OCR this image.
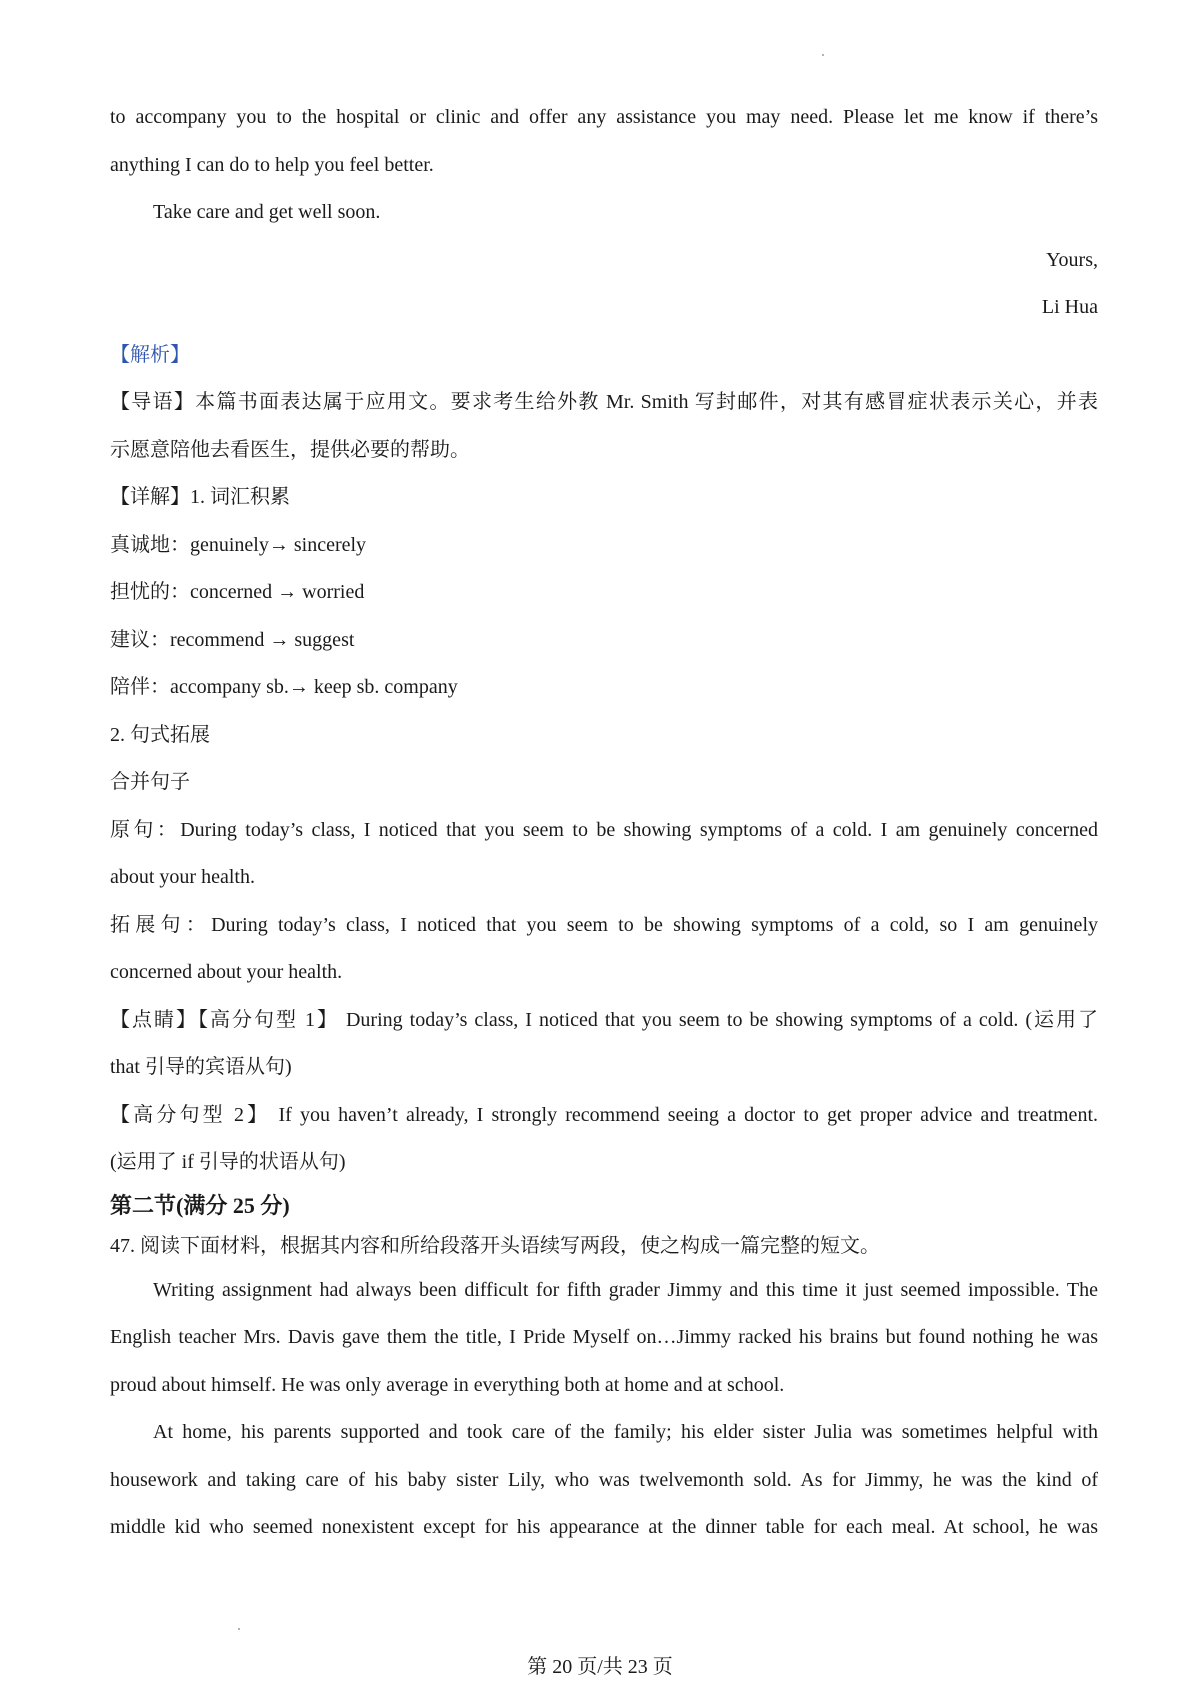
to accompany you to the hospital or clinic and offer any assistance you may need. Please let me know if there’s
anything I can do to help you feel better.
Take care and get well soon.
Yours,
Li Hua
【解析】
【导语】本篇书面表达属于应用文。要求考生给外教 Mr. Smith 写封邮件，对其有感冒症状表示关心，并表
示愿意陪他去看医生，提供必要的帮助。
【详解】1. 词汇积累
真诚地：genuinely→ sincerely
担忧的：concerned → worried
建议：recommend → suggest
陪伴：accompany sb.→ keep sb. company
2. 句式拓展
合并句子
原句：During today’s class, I noticed that you seem to be showing symptoms of a cold. I am genuinely concerned
about your health.
拓展句：During today’s class, I noticed that you seem to be showing symptoms of a cold, so I am genuinely
concerned about your health.
【点睛】【高分句型 1】 During today’s class, I noticed that you seem to be showing symptoms of a cold. (运用了
that 引导的宾语从句)
【高分句型 2】 If you haven’t already, I strongly recommend seeing a doctor to get proper advice and treatment.
(运用了 if 引导的状语从句)
第二节(满分 25 分)
47. 阅读下面材料，根据其内容和所给段落开头语续写两段，使之构成一篇完整的短文。
Writing assignment had always been difficult for fifth grader Jimmy and this time it just seemed impossible. The
English teacher Mrs. Davis gave them the title, I Pride Myself on…Jimmy racked his brains but found nothing he was
proud about himself. He was only average in everything both at home and at school.
At home, his parents supported and took care of the family; his elder sister Julia was sometimes helpful with
housework and taking care of his baby sister Lily, who was twelvemonth sold. As for Jimmy, he was the kind of
middle kid who seemed nonexistent except for his appearance at the dinner table for each meal. At school, he was
第 20 页/共 23 页
